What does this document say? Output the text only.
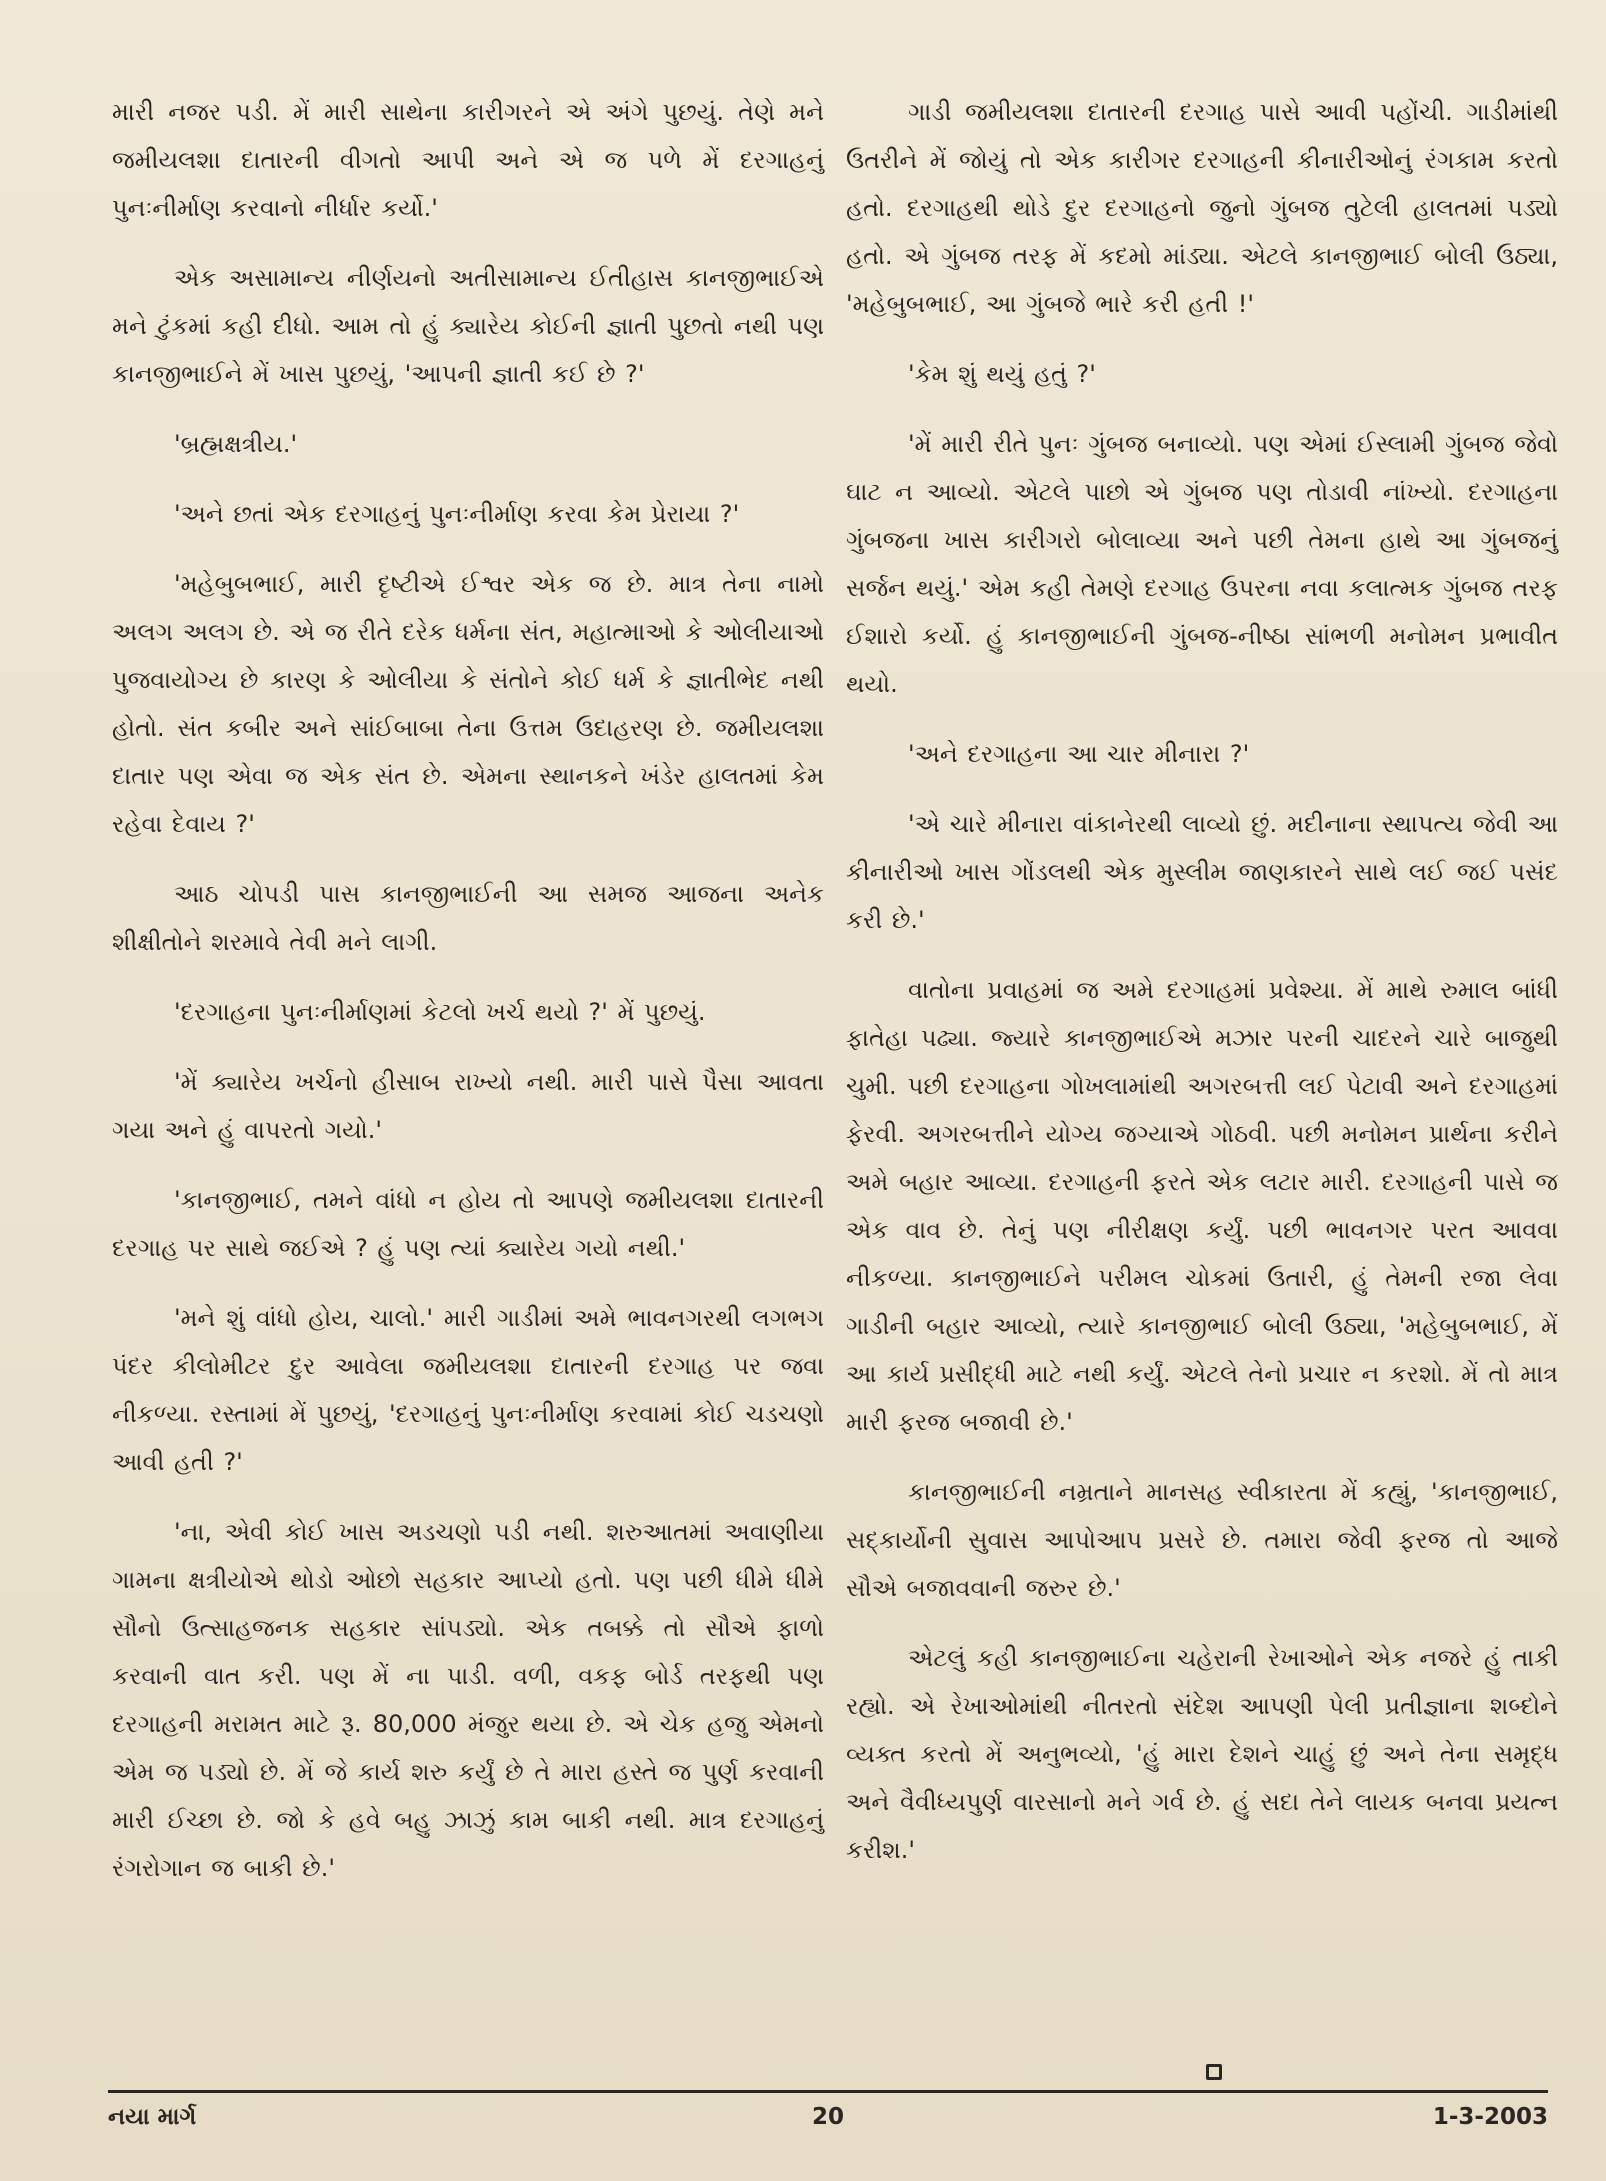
મારી નજર પડી. મેં મારી સાથેના કારીગરને એ અંગે પુછયું. તેણે મને જમીયલશા દાતારની વીગતો આપી અને એ જ પળે મેં દરગાહનું પુનઃનીર્માણ કરવાનો નીર્ધાર કર્યો.'

એક અસામાન્ય નીર્ણયનો અતીસામાન્ય ઈતીહાસ કાનજીભાઈએ મને ટુંકમાં કહી દીધો. આમ તો હું ક્યારેય કોઈની જ્ઞાતી પુછતો નથી પણ કાનજીભાઈને મેં ખાસ પુછયું, 'આપની જ્ઞાતી કઈ છે ?'

'બ્રહ્મક્ષત્રીય.'

'અને છતાં એક દરગાહનું પુનઃનીર્માણ કરવા કેમ પ્રેરાયા ?'

'મહેબુબભાઈ, મારી દૃષ્ટીએ ઈશ્વર એક જ છે. માત્ર તેના નામો અલગ અલગ છે. એ જ રીતે દરેક ધર્મના સંત, મહાત્માઓ કે ઓલીયાઓ પુજવાયોગ્ય છે કારણ કે ઓલીયા કે સંતોને કોઈ ધર્મ કે જ્ઞાતીભેદ નથી હોતો. સંત કબીર અને સાંઈબાબા તેના ઉત્તમ ઉદાહરણ છે. જમીયલશા દાતાર પણ એવા જ એક સંત છે. એમના સ્થાનકને ખંડેર હાલતમાં કેમ રહેવા દેવાય ?'

આઠ ચોપડી પાસ કાનજીભાઈની આ સમજ આજના અનેક શીક્ષીતોને શરમાવે તેવી મને લાગી.

'દરગાહના પુનઃનીર્માણમાં કેટલો ખર્ચ થયો ?' મેં પુછયું.

'મેં ક્યારેય ખર્ચનો હીસાબ રાખ્યો નથી. મારી પાસે પૈસા આવતા ગયા અને હું વાપરતો ગયો.'

'કાનજીભાઈ, તમને વાંધો ન હોય તો આપણે જમીયલશા દાતારની દરગાહ પર સાથે જઈએ ? હું પણ ત્યાં ક્યારેય ગયો નથી.'

'મને શું વાંધો હોય, ચાલો.' મારી ગાડીમાં અમે ભાવનગરથી લગભગ પંદર કીલોમીટર દુર આવેલા જમીયલશા દાતારની દરગાહ પર જવા નીકળ્યા. રસ્તામાં મેં પુછયું, 'દરગાહનું પુનઃનીર્માણ કરવામાં કોઈ ચડચણો આવી હતી ?'

'ના, એવી કોઈ ખાસ અડચણો પડી નથી. શરુઆતમાં અવાણીયા ગામના ક્ષત્રીયોએ થોડો ઓછો સહકાર આપ્યો હતો. પણ પછી ધીમે ધીમે સૌનો ઉત્સાહજનક સહકાર સાંપડ્યો. એક તબક્કે તો સૌએ ફાળો કરવાની વાત કરી. પણ મેં ના પાડી. વળી, વકફ બોર્ડ તરફથી પણ દરગાહની મરામત માટે રૂ. 80,000 મંજુર થયા છે. એ ચેક હજુ એમનો એમ જ પડ્યો છે. મેં જે કાર્ય શરુ કર્યું છે તે મારા હસ્તે જ પુર્ણ કરવાની મારી ઈચ્છા છે. જો કે હવે બહુ ઝાઝું કામ બાકી નથી. માત્ર દરગાહનું રંગરોગાન જ બાકી છે.'

ગાડી જમીયલશા દાતારની દરગાહ પાસે આવી પહોંચી. ગાડીમાંથી ઉતરીને મેં જોયું તો એક કારીગર દરગાહની કીનારીઓનું રંગકામ કરતો હતો. દરગાહથી થોડે દુર દરગાહનો જુનો ગુંબજ તુટેલી હાલતમાં પડ્યો હતો. એ ગુંબજ તરફ મેં કદમો માંડ્યા. એટલે કાનજીભાઈ બોલી ઉઠ્યા, 'મહેબુબભાઈ, આ ગુંબજે ભારે કરી હતી !'

'કેમ શું થયું હતું ?'

'મેં મારી રીતે પુનઃ ગુંબજ બનાવ્યો. પણ એમાં ઈસ્લામી ગુંબજ જેવો ઘાટ ન આવ્યો. એટલે પાછો એ ગુંબજ પણ તોડાવી નાંખ્યો. દરગાહના ગુંબજના ખાસ કારીગરો બોલાવ્યા અને પછી તેમના હાથે આ ગુંબજનું સર્જન થયું.' એમ કહી તેમણે દરગાહ ઉપરના નવા કલાત્મક ગુંબજ તરફ ઈશારો કર્યો. હું કાનજીભાઈની ગુંબજ-નીષ્ઠા સાંભળી મનોમન પ્રભાવીત થયો.

'અને દરગાહના આ ચાર મીનારા ?'

'એ ચારે મીનારા વાંકાનેરથી લાવ્યો છું. મદીનાના સ્થાપત્ય જેવી આ કીનારીઓ ખાસ ગોંડલથી એક મુસ્લીમ જાણકારને સાથે લઈ જઈ પસંદ કરી છે.'

વાતોના પ્રવાહમાં જ અમે દરગાહમાં પ્રવેશ્યા. મેં માથે રુમાલ બાંધી ફાતેહા પઢ્યા. જ્યારે કાનજીભાઈએ મઝાર પરની ચાદરને ચારે બાજુથી ચુમી. પછી દરગાહના ગોખલામાંથી અગરબત્તી લઈ પેટાવી અને દરગાહમાં ફેરવી. અગરબત્તીને યોગ્ય જગ્યાએ ગોઠવી. પછી મનોમન પ્રાર્થના કરીને અમે બહાર આવ્યા. દરગાહની ફરતે એક લટાર મારી. દરગાહની પાસે જ એક વાવ છે. તેનું પણ નીરીક્ષણ કર્યું. પછી ભાવનગર પરત આવવા નીકળ્યા. કાનજીભાઈને પરીમલ ચોકમાં ઉતારી, હું તેમની રજા લેવા ગાડીની બહાર આવ્યો, ત્યારે કાનજીભાઈ બોલી ઉઠ્યા, 'મહેબુબભાઈ, મેં આ કાર્ય પ્રસીદ્ધી માટે નથી કર્યું. એટલે તેનો પ્રચાર ન કરશો. મેં તો માત્ર મારી ફરજ બજાવી છે.'

કાનજીભાઈની નમ્રતાને માનસહ સ્વીકારતા મેં કહ્યું, 'કાનજીભાઈ, સદ્કાર્યોની સુવાસ આપોઆપ પ્રસરે છે. તમારા જેવી ફરજ તો આજે સૌએ બજાવવાની જરુર છે.'

એટલું કહી કાનજીભાઈના ચહેરાની રેખાઓને એક નજરે હું તાકી રહ્યો. એ રેખાઓમાંથી નીતરતો સંદેશ આપણી પેલી પ્રતીજ્ઞાના શબ્દોને વ્યક્ત કરતો મેં અનુભવ્યો, 'હું મારા દેશને ચાહું છું અને તેના સમૃદ્ધ અને વૈવીધ્યપુર્ણ વારસાનો મને ગર્વ છે. હું સદા તેને લાયક બનવા પ્રયત્ન કરીશ.'

નયા માર્ગ	20	1-3-2003
